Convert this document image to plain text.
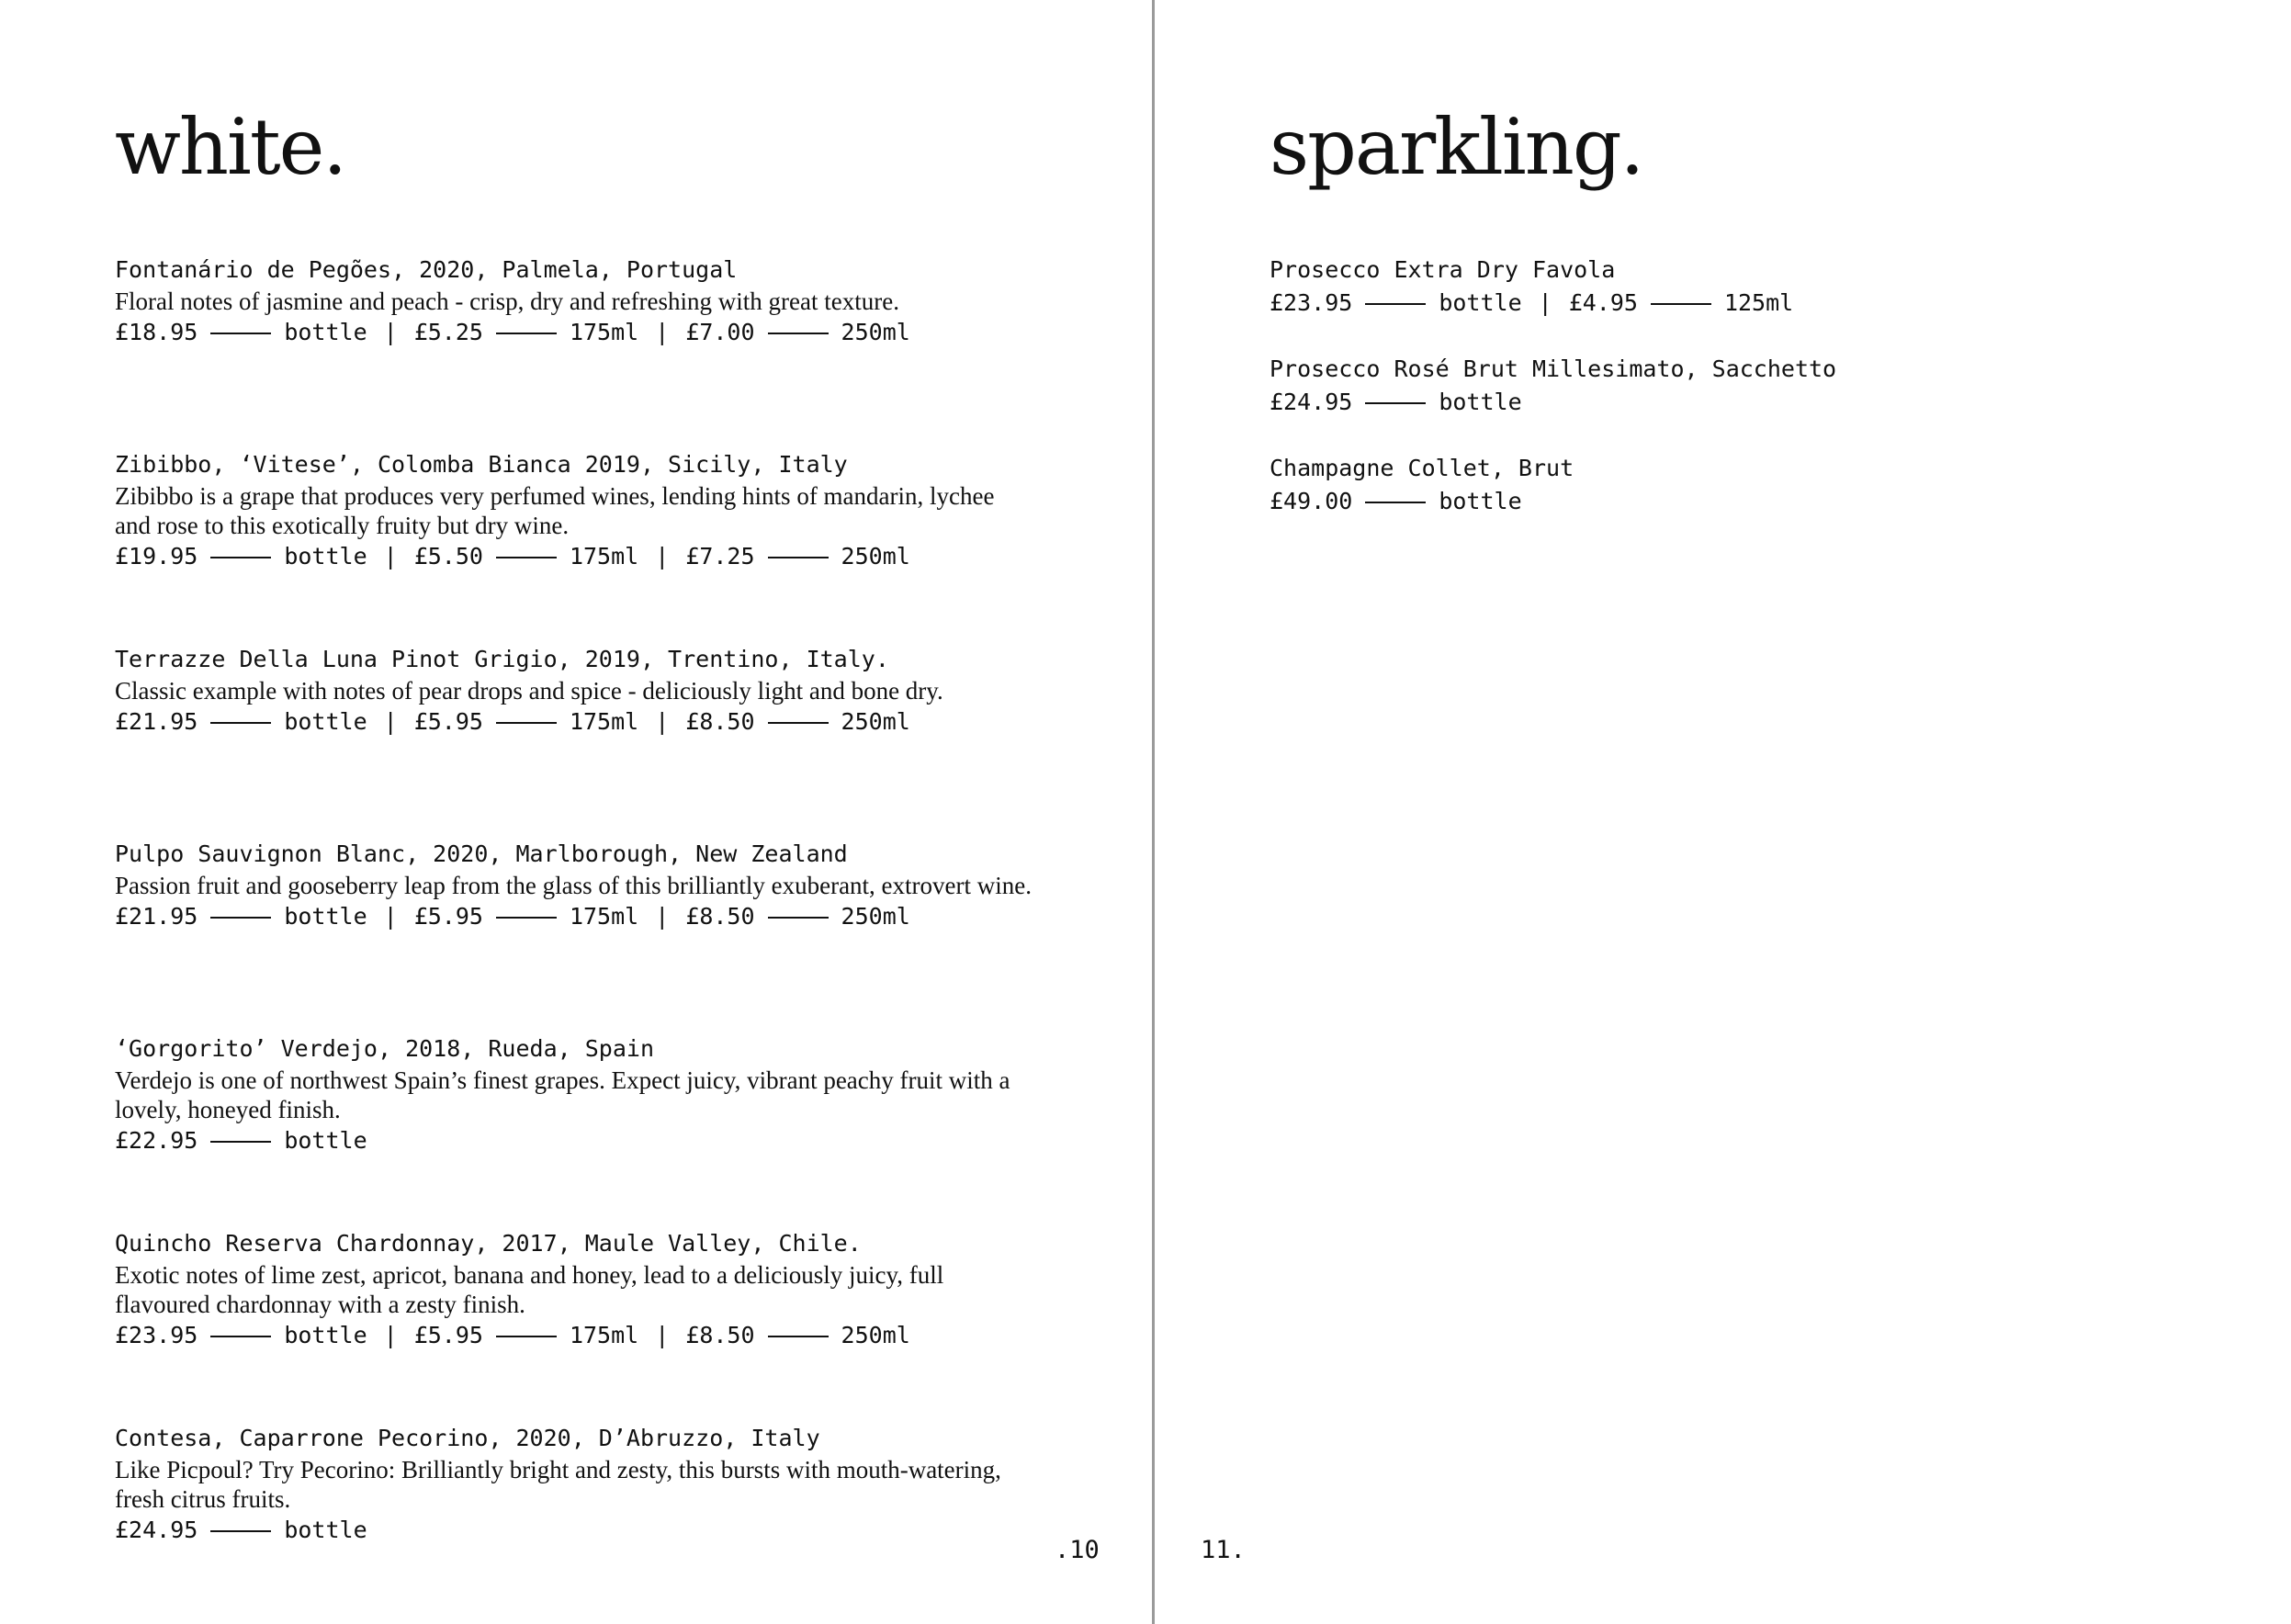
white.	sparkling.
Fontanário de Pegões, 2020, Palmela, Portugal
Floral notes of jasmine and peach - crisp, dry and refreshing with great texture.
£18.95	bottle | £5.25	175ml | £7.00	250ml
Zibibbo, ‘Vitese’, Colomba Bianca 2019, Sicily, Italy
Zibibbo is a grape that produces very perfumed wines, lending hints of mandarin, lychee and rose to this exotically fruity but dry wine.
£19.95	bottle | £5.50	175ml | £7.25	250ml
Terrazze Della Luna Pinot Grigio, 2019, Trentino, Italy.
Classic example with notes of pear drops and spice - deliciously light and bone dry.
£21.95	bottle | £5.95	175ml | £8.50	250ml
Pulpo Sauvignon Blanc, 2020, Marlborough, New Zealand
Passion fruit and gooseberry leap from the glass of this brilliantly exuberant, extrovert wine.
£21.95	bottle | £5.95	175ml | £8.50	250ml
‘Gorgorito’ Verdejo, 2018, Rueda, Spain
Verdejo is one of northwest Spain’s finest grapes. Expect juicy, vibrant peachy fruit with a lovely, honeyed finish.
£22.95	bottle
Quincho Reserva Chardonnay, 2017, Maule Valley, Chile.
Exotic notes of lime zest, apricot, banana and honey, lead to a deliciously juicy, full flavoured chardonnay with a zesty finish.
£23.95	bottle | £5.95	175ml | £8.50	250ml
Contesa, Caparrone Pecorino, 2020, D’Abruzzo, Italy
Like Picpoul? Try Pecorino: Brilliantly bright and zesty, this bursts with mouth-watering, fresh citrus fruits.
£24.95	bottle
Prosecco Extra Dry Favola
£23.95	bottle | £4.95	125ml
Prosecco Rosé Brut Millesimato, Sacchetto
£24.95	bottle
Champagne Collet, Brut
£49.00	bottle
.10	11.
